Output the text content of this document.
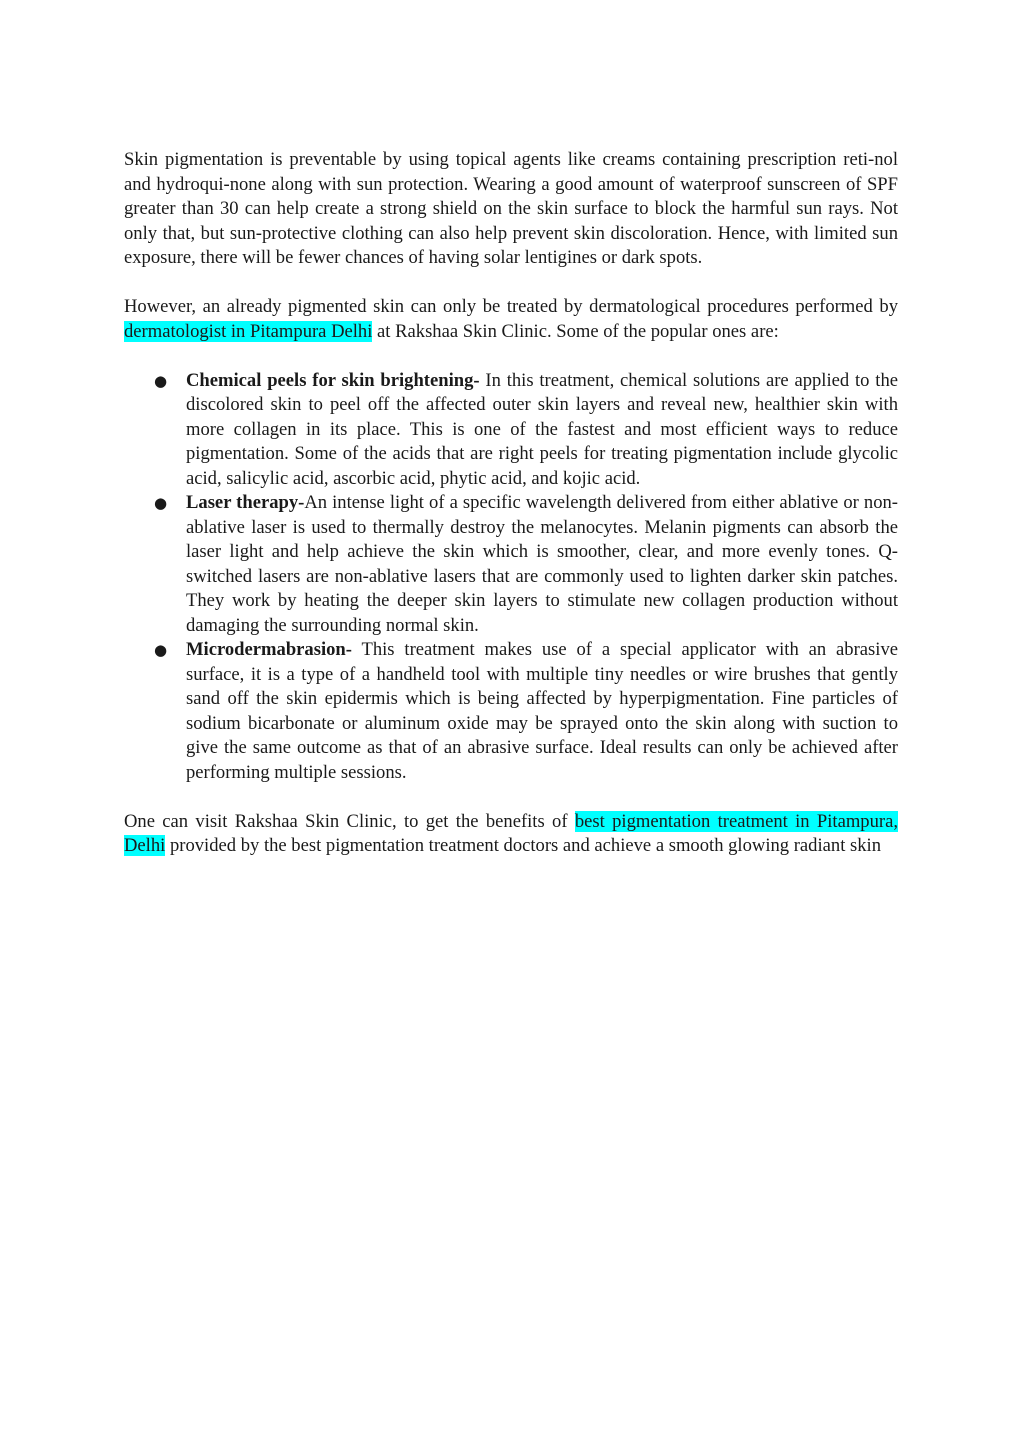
Skin pigmentation is preventable by using topical agents like creams containing prescription reti-nol and hydroqui-none along with sun protection. Wearing a good amount of waterproof sunscreen of SPF greater than 30 can help create a strong shield on the skin surface to block the harmful sun rays. Not only that, but sun-protective clothing can also help prevent skin discoloration. Hence, with limited sun exposure, there will be fewer chances of having solar lentigines or dark spots.

However, an already pigmented skin can only be treated by dermatological procedures performed by dermatologist in Pitampura Delhi at Rakshaa Skin Clinic. Some of the popular ones are:

● Chemical peels for skin brightening- In this treatment, chemical solutions are applied to the discolored skin to peel off the affected outer skin layers and reveal new, healthier skin with more collagen in its place. This is one of the fastest and most efficient ways to reduce pigmentation. Some of the acids that are right peels for treating pigmentation include glycolic acid, salicylic acid, ascorbic acid, phytic acid, and kojic acid.
● Laser therapy-An intense light of a specific wavelength delivered from either ablative or non-ablative laser is used to thermally destroy the melanocytes. Melanin pigments can absorb the laser light and help achieve the skin which is smoother, clear, and more evenly tones. Q-switched lasers are non-ablative lasers that are commonly used to lighten darker skin patches. They work by heating the deeper skin layers to stimulate new collagen production without damaging the surrounding normal skin.
● Microdermabrasion- This treatment makes use of a special applicator with an abrasive surface, it is a type of a handheld tool with multiple tiny needles or wire brushes that gently sand off the skin epidermis which is being affected by hyperpigmentation. Fine particles of sodium bicarbonate or aluminum oxide may be sprayed onto the skin along with suction to give the same outcome as that of an abrasive surface. Ideal results can only be achieved after performing multiple sessions.

One can visit Rakshaa Skin Clinic, to get the benefits of best pigmentation treatment in Pitampura, Delhi provided by the best pigmentation treatment doctors and achieve a smooth glowing radiant skin
